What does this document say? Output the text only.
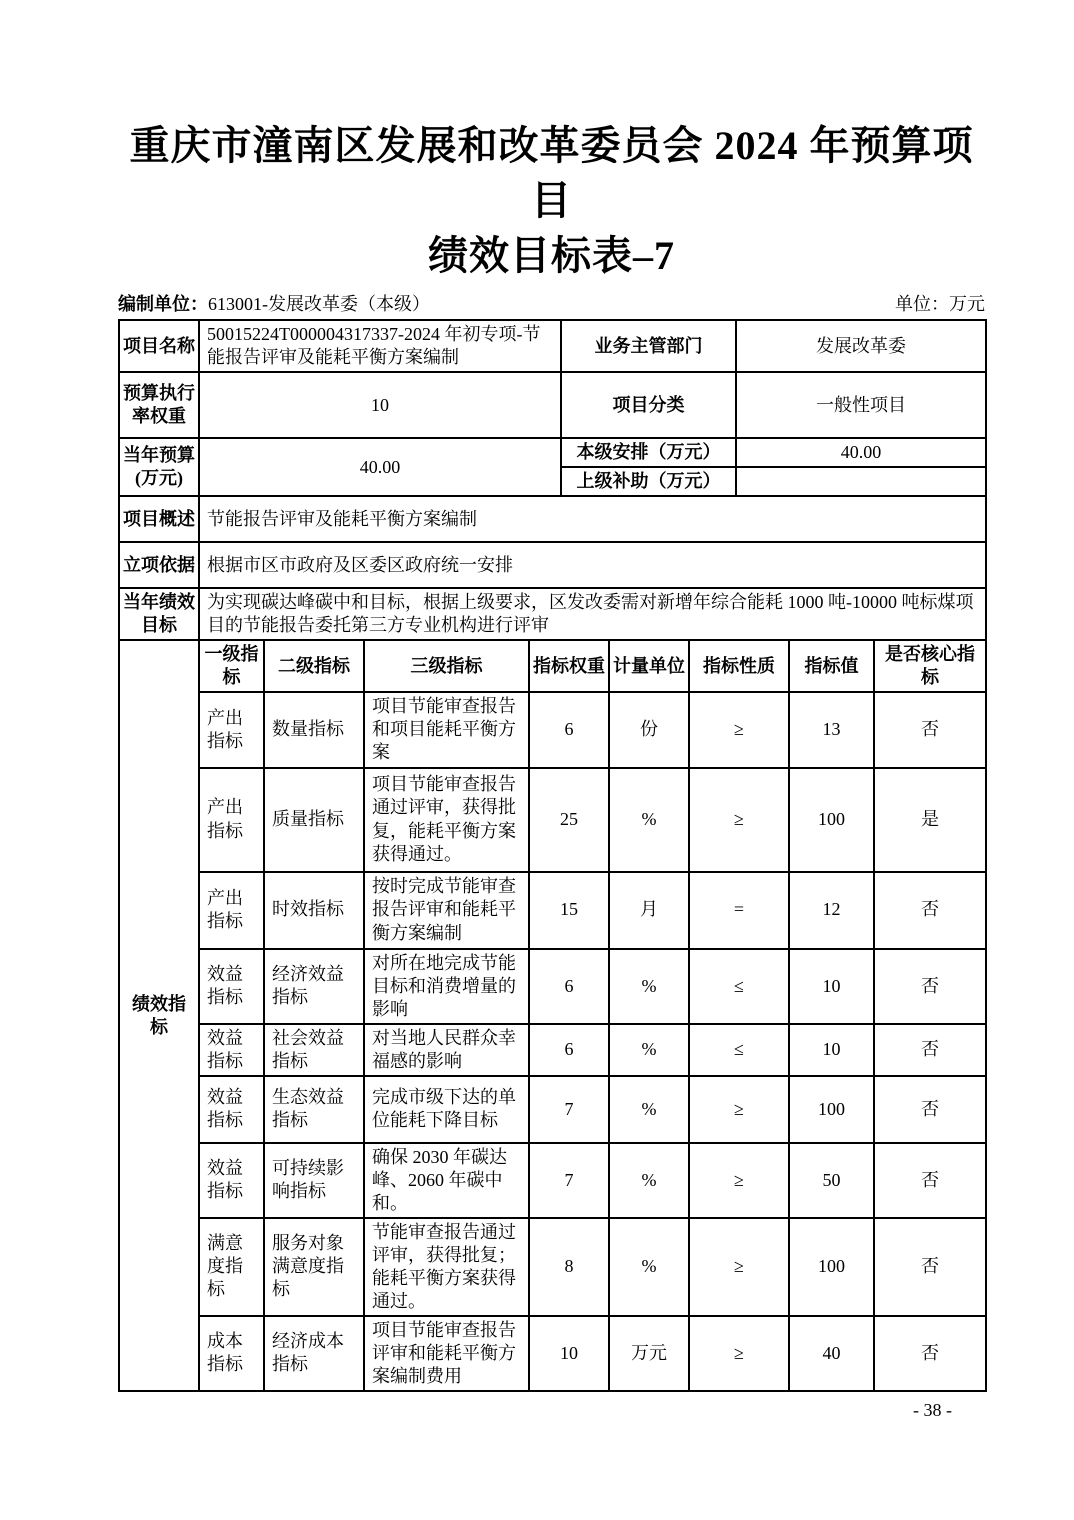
重庆市潼南区发展和改革委员会 2024 年预算项目
绩效目标表–7
编制单位：613001-发展改革委（本级）	单位：万元
项目名称	50015224T000004317337-2024 年初专项-节能报告评审及能耗平衡方案编制	业务主管部门	发展改革委
预算执行率权重	10	项目分类	一般性项目
当年预算(万元)	40.00	本级安排（万元）	40.00
		上级补助（万元）	
项目概述	节能报告评审及能耗平衡方案编制		
立项依据	根据市区市政府及区委区政府统一安排		
当年绩效目标	为实现碳达峰碳中和目标，根据上级要求，区发改委需对新增年综合能耗 1000 吨-10000 吨标煤项目的节能报告委托第三方专业机构进行评审		
绩效指标	一级指标	二级指标	三级指标	指标权重	计量单位	指标性质	指标值	是否核心指标
	产出指标	数量指标	项目节能审查报告和项目能耗平衡方案	6	份	≥	13	否
	产出指标	质量指标	项目节能审查报告通过评审，获得批复，能耗平衡方案获得通过。	25	%	≥	100	是
	产出指标	时效指标	按时完成节能审查报告评审和能耗平衡方案编制	15	月	=	12	否
	效益指标	经济效益指标	对所在地完成节能目标和消费增量的影响	6	%	≤	10	否
	效益指标	社会效益指标	对当地人民群众幸福感的影响	6	%	≤	10	否
	效益指标	生态效益指标	完成市级下达的单位能耗下降目标	7	%	≥	100	否
	效益指标	可持续影响指标	确保 2030 年碳达峰、2060 年碳中和。	7	%	≥	50	否
	满意度指标	服务对象满意度指标	节能审查报告通过评审，获得批复；能耗平衡方案获得通过。	8	%	≥	100	否
	成本指标	经济成本指标	项目节能审查报告评审和能耗平衡方案编制费用	10	万元	≥	40	否
- 38 -
